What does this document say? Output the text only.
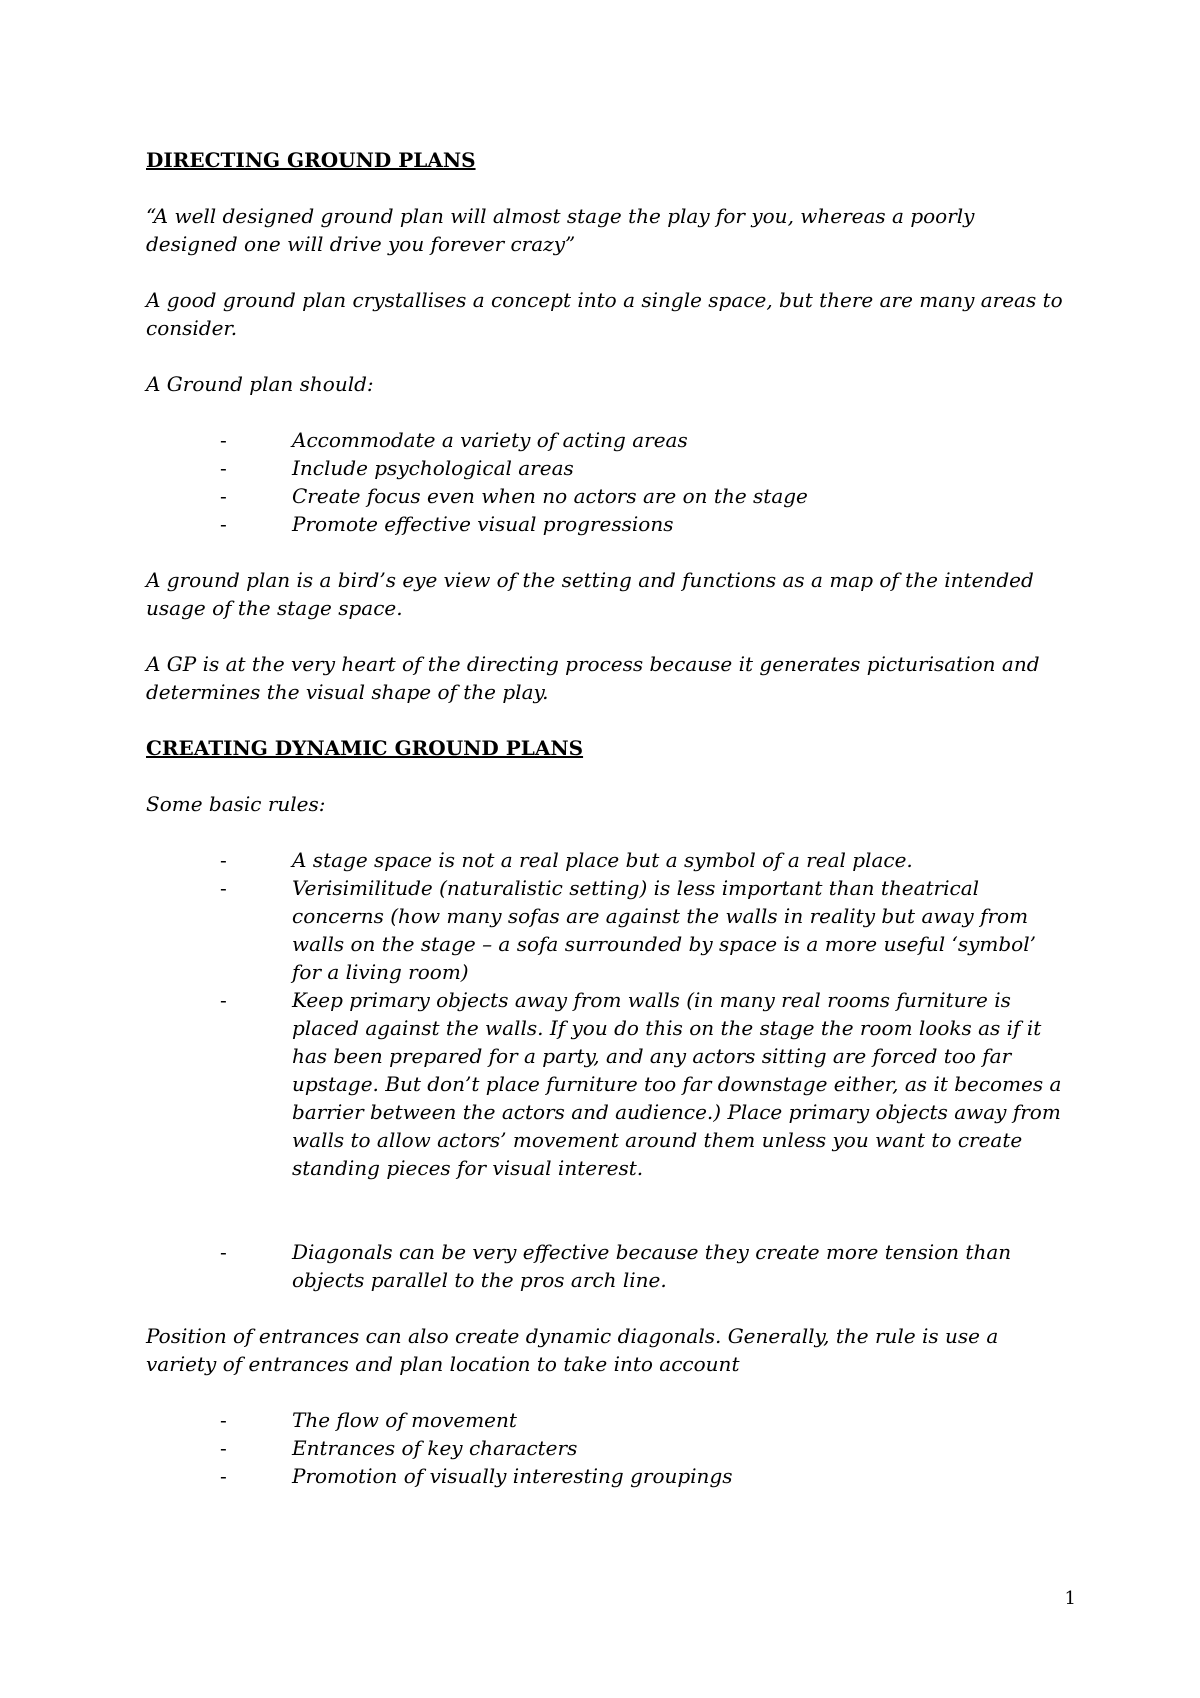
DIRECTING GROUND PLANS

“A well designed ground plan will almost stage the play for you, whereas a poorly designed one will drive you forever crazy”

A good ground plan crystallises a concept into a single space, but there are many areas to consider.

A Ground plan should:

-	Accommodate a variety of acting areas
-	Include psychological areas
-	Create focus even when no actors are on the stage
-	Promote effective visual progressions

A ground plan is a bird’s eye view of the setting and functions as a map of the intended usage of the stage space.

A GP is at the very heart of the directing process because it generates picturisation and determines the visual shape of the play.

CREATING DYNAMIC GROUND PLANS

Some basic rules:

-	A stage space is not a real place but a symbol of a real place.
-	Verisimilitude (naturalistic setting) is less important than theatrical concerns (how many sofas are against the walls in reality but away from walls on the stage – a sofa surrounded by space is a more useful ‘symbol’ for a living room)
-	Keep primary objects away from walls (in many real rooms furniture is placed against the walls. If you do this on the stage the room looks as if it has been prepared for a party, and any actors sitting are forced too far upstage. But don’t place furniture too far downstage either, as it becomes a barrier between the actors and audience.) Place primary objects away from walls to allow actors’ movement around them unless you want to create standing pieces for visual interest.
-	Diagonals can be very effective because they create more tension than objects parallel to the pros arch line.

Position of entrances can also create dynamic diagonals. Generally, the rule is use a variety of entrances and plan location to take into account

-	The flow of movement
-	Entrances of key characters
-	Promotion of visually interesting groupings
1
